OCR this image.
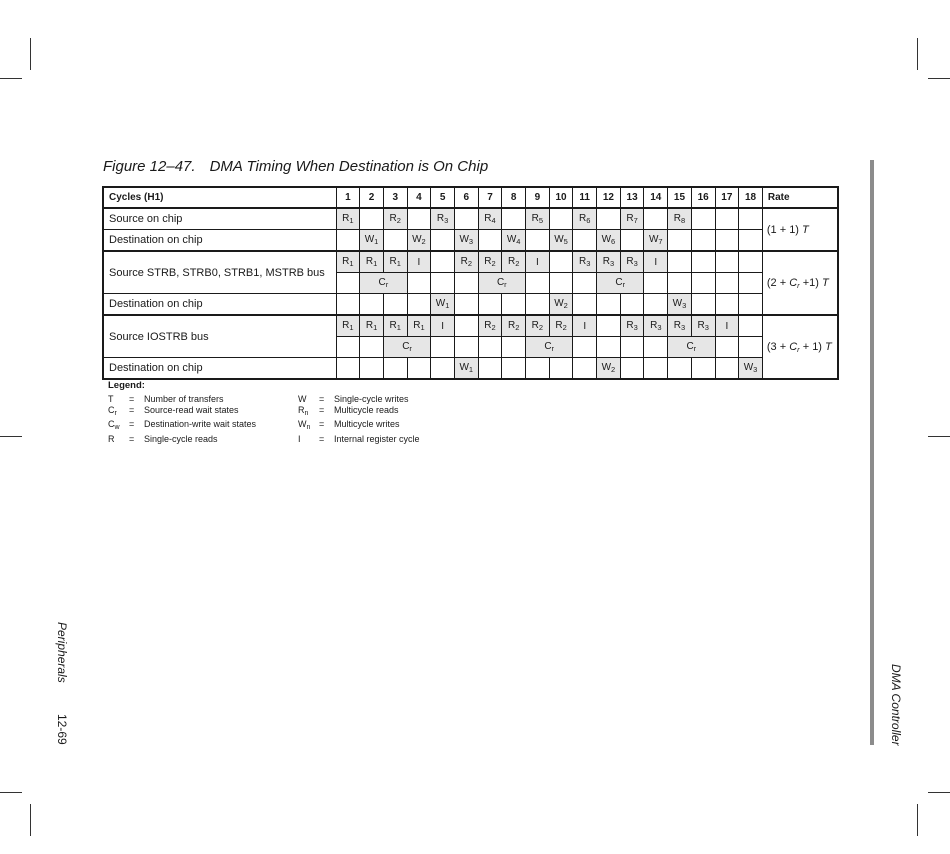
Figure 12–47. DMA Timing When Destination is On Chip
Cycles (H1)	1	2	3	4	5	6	7	8	9	10	11	12	13	14	15	16	17	18	Rate
Source on chip	$R_1$		$R_2$		$R_3$		$R_4$		$R_5$		$R_6$		$R_7$		$R_8$				(1 + 1) T
Destination on chip		$W_1$		$W_2$		$W_3$		$W_4$		$W_5$		$W_6$		$W_7$				
Source STRB, STRB0, STRB1, MSTRB bus	$R_1$	$R_1$	$R_1$	I		$R_2$	$R_2$	$R_2$	I		$R_3$	$R_3$	$R_3$	I					$(2 + C_r +1)$ T
		$C_r$					$C_r$					$C_r$					
Destination on chip					$W_1$					$W_2$					$W_3$			
Source IOSTRB bus	$R_1$	$R_1$	$R_1$	$R_1$	I		$R_2$	$R_2$	$R_2$	$R_2$	I		$R_3$	$R_3$	$R_3$	$R_3$	I		$(3 + C_r + 1)$ T
			$C_r$						$C_r$						$C_r$		
Destination on chip						$W_1$						$W_2$						$W_3$
Legend:
T	=	Number of transfers
$C_r$	=	Source-read wait states
$C_w$	=	Destination-write wait states
R	=	Single-cycle reads
W	=	Single-cycle writes
$R_n$	=	Multicycle reads
$W_n$ =	Multicycle writes
I	=	Internal register cycle
Peripherals
12-69	DMA Controller
